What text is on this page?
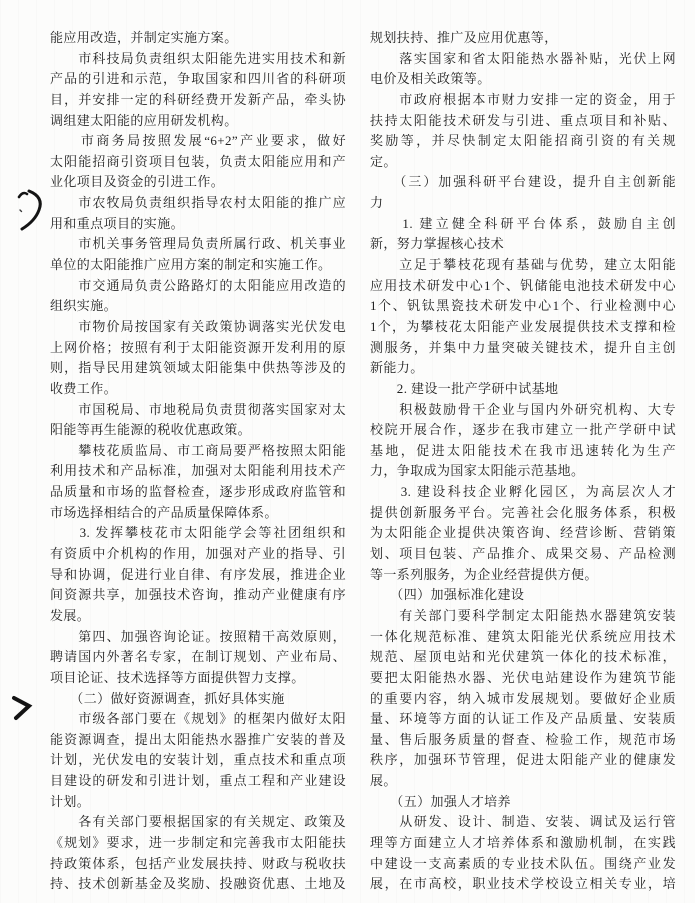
能应用改造，并制定实施方案。
　　市科技局负责组织太阳能先进实用技术和新
产品的引进和示范，争取国家和四川省的科研项
目，并安排一定的科研经费开发新产品，牵头协
调组建太阳能的应用研发机构。
　　市商务局按照发展“6+2”产业要求，做好
太阳能招商引资项目包装，负责太阳能应用和产
业化项目及资金的引进工作。
　　市农牧局负责组织指导农村太阳能的推广应
用和重点项目的实施。
　　市机关事务管理局负责所属行政、机关事业
单位的太阳能推广应用方案的制定和实施工作。
　　市交通局负责公路路灯的太阳能应用改造的
组织实施。
　　市物价局按国家有关政策协调落实光伏发电
上网价格；按照有利于太阳能资源开发利用的原
则，指导民用建筑领域太阳能集中供热等涉及的
收费工作。
　　市国税局、市地税局负责贯彻落实国家对太
阳能等再生能源的税收优惠政策。
　　攀枝花质监局、市工商局要严格按照太阳能
利用技术和产品标准，加强对太阳能利用技术产
品质量和市场的监督检查，逐步形成政府监管和
市场选择相结合的产品质量保障体系。
　　3. 发挥攀枝花市太阳能学会等社团组织和
有资质中介机构的作用，加强对产业的指导、引
导和协调，促进行业自律、有序发展，推进企业
间资源共享，加强技术咨询，推动产业健康有序
发展。
　　第四、加强咨询论证。按照精干高效原则，
聘请国内外著名专家，在制订规划、产业布局、
项目论证、技术选择等方面提供智力支撑。
　　（二）做好资源调查，抓好具体实施
　　市级各部门要在《规划》的框架内做好太阳
能资源调查，提出太阳能热水器推广安装的普及
计划，光伏发电的安装计划，重点技术和重点项
目建设的研发和引进计划，重点工程和产业建设
计划。
　　各有关部门要根据国家的有关规定、政策及
《规划》要求，进一步制定和完善我市太阳能扶
持政策体系，包括产业发展扶持、财政与税收扶
持、技术创新基金及奖励、投融资优惠、土地及
规划扶持、推广及应用优惠等，
　　落实国家和省太阳能热水器补贴，光伏上网
电价及相关政策等。
　　市政府根据本市财力安排一定的资金，用于
扶持太阳能技术研发与引进、重点项目和补贴、
奖励等，并尽快制定太阳能招商引资的有关规
定。
　　（三）加强科研平台建设，提升自主创新能
力
　　1. 建立健全科研平台体系，鼓励自主创
新，努力掌握核心技术
　　立足于攀枝花现有基础与优势，建立太阳能
应用技术研发中心1个、钒储能电池技术研发中心
1个、钒钛黑瓷技术研发中心1个、行业检测中心
1个，为攀枝花太阳能产业发展提供技术支撑和检
测服务，并集中力量突破关键技术，提升自主创
新能力。
　　2. 建设一批产学研中试基地
　　积极鼓励骨干企业与国内外研究机构、大专
校院开展合作，逐步在我市建立一批产学研中试
基地，促进太阳能技术在我市迅速转化为生产
力，争取成为国家太阳能示范基地。
　　3. 建设科技企业孵化园区，为高层次人才
提供创新服务平台。完善社会化服务体系，积极
为太阳能企业提供决策咨询、经营诊断、营销策
划、项目包装、产品推介、成果交易、产品检测
等一系列服务，为企业经营提供方便。
　　（四）加强标准化建设
　　有关部门要科学制定太阳能热水器建筑安装
一体化规范标准、建筑太阳能光伏系统应用技术
规范、屋顶电站和光伏建筑一体化的技术标准，
要把太阳能热水器、光伏电站建设作为建筑节能
的重要内容，纳入城市发展规划。要做好企业质
量、环境等方面的认证工作及产品质量、安装质
量、售后服务质量的督查、检验工作，规范市场
秩序，加强环节管理，促进太阳能产业的健康发
展。
　　（五）加强人才培养
　　从研发、设计、制造、安装、调试及运行管
理等方面建立人才培养体系和激励机制，在实践
中建设一支高素质的专业技术队伍。围绕产业发
展，在市高校，职业技术学校设立相关专业，培
